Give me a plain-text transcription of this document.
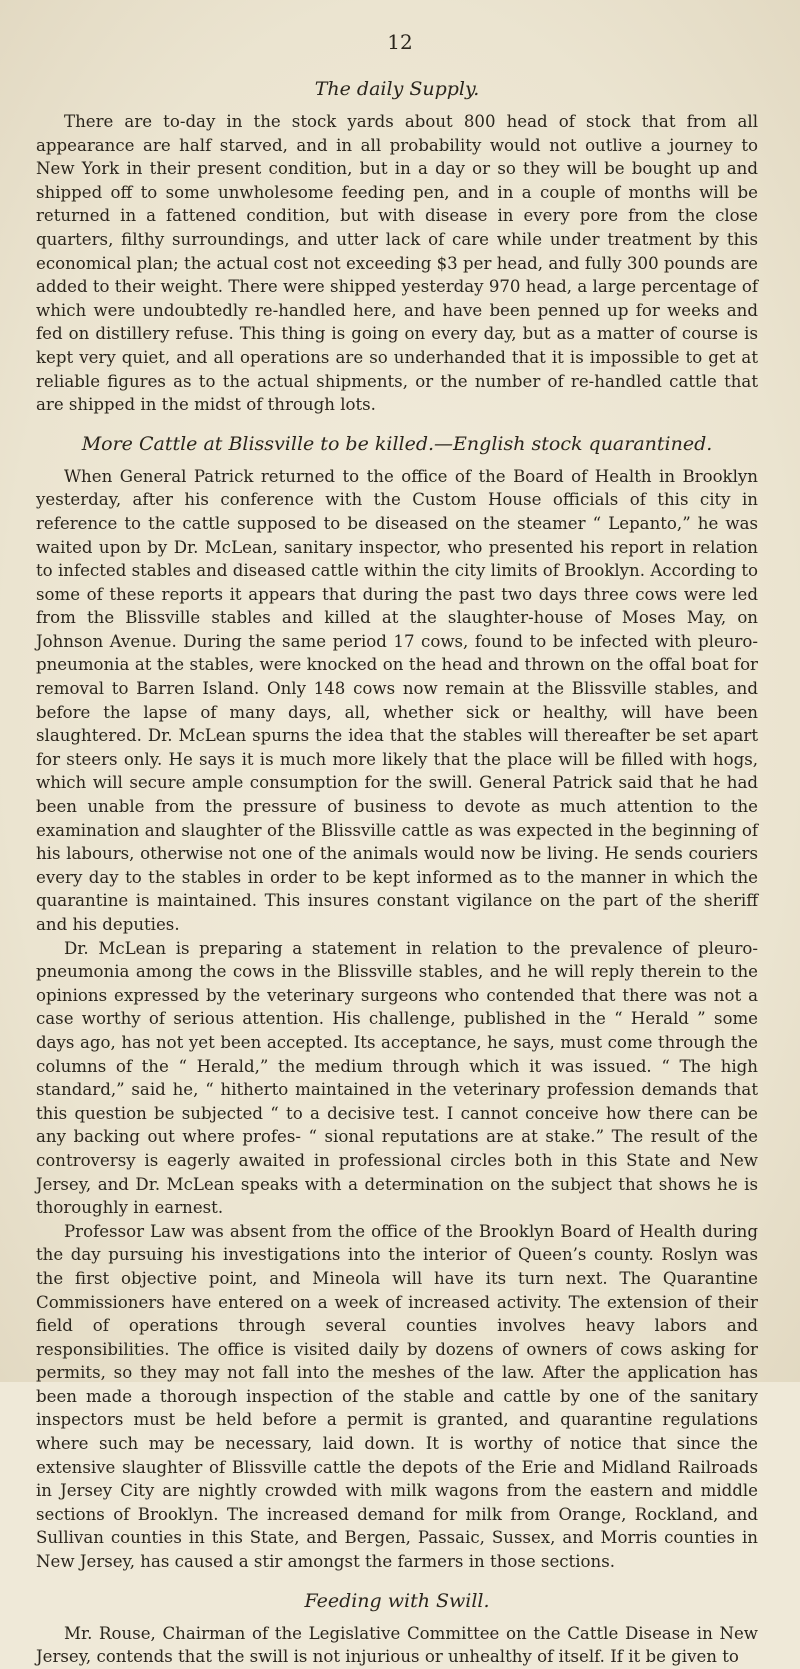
12

The daily Supply.

There are to-day in the stock yards about 800 head of stock that from all appearance are half starved, and in all probability would not outlive a journey to New York in their present condition, but in a day or so they will be bought up and shipped off to some unwholesome feeding pen, and in a couple of months will be returned in a fattened condition, but with disease in every pore from the close quarters, filthy surroundings, and utter lack of care while under treatment by this economical plan; the actual cost not exceeding $3 per head, and fully 300 pounds are added to their weight. There were shipped yesterday 970 head, a large percentage of which were undoubtedly re-handled here, and have been penned up for weeks and fed on distillery refuse. This thing is going on every day, but as a matter of course is kept very quiet, and all operations are so underhanded that it is impossible to get at reliable figures as to the actual shipments, or the number of re-handled cattle that are shipped in the midst of through lots.

More Cattle at Blissville to be killed.—English stock quarantined.

When General Patrick returned to the office of the Board of Health in Brooklyn yesterday, after his conference with the Custom House officials of this city in reference to the cattle supposed to be diseased on the steamer “ Lepanto,” he was waited upon by Dr. McLean, sanitary inspector, who presented his report in relation to infected stables and diseased cattle within the city limits of Brooklyn. According to some of these reports it appears that during the past two days three cows were led from the Blissville stables and killed at the slaughter-house of Moses May, on Johnson Avenue. During the same period 17 cows, found to be infected with pleuro-pneumonia at the stables, were knocked on the head and thrown on the offal boat for removal to Barren Island. Only 148 cows now remain at the Blissville stables, and before the lapse of many days, all, whether sick or healthy, will have been slaughtered. Dr. McLean spurns the idea that the stables will thereafter be set apart for steers only. He says it is much more likely that the place will be filled with hogs, which will secure ample consumption for the swill. General Patrick said that he had been unable from the pressure of business to devote as much attention to the examination and slaughter of the Blissville cattle as was expected in the beginning of his labours, otherwise not one of the animals would now be living. He sends couriers every day to the stables in order to be kept informed as to the manner in which the quarantine is maintained. This insures constant vigilance on the part of the sheriff and his deputies.

Dr. McLean is preparing a statement in relation to the prevalence of pleuro-pneumonia among the cows in the Blissville stables, and he will reply therein to the opinions expressed by the veterinary surgeons who contended that there was not a case worthy of serious attention. His challenge, published in the “ Herald ” some days ago, has not yet been accepted. Its acceptance, he says, must come through the columns of the “ Herald,” the medium through which it was issued. “ The high standard,” said he, “ hitherto maintained in the veterinary profession demands that this question be subjected “ to a decisive test. I cannot conceive how there can be any backing out where profes- “ sional reputations are at stake.” The result of the controversy is eagerly awaited in professional circles both in this State and New Jersey, and Dr. McLean speaks with a determination on the subject that shows he is thoroughly in earnest.

Professor Law was absent from the office of the Brooklyn Board of Health during the day pursuing his investigations into the interior of Queen’s county. Roslyn was the first objective point, and Mineola will have its turn next. The Quarantine Commissioners have entered on a week of increased activity. The extension of their field of operations through several counties involves heavy labors and responsibilities. The office is visited daily by dozens of owners of cows asking for permits, so they may not fall into the meshes of the law. After the application has been made a thorough inspection of the stable and cattle by one of the sanitary inspectors must be held before a permit is granted, and quarantine regulations where such may be necessary, laid down. It is worthy of notice that since the extensive slaughter of Blissville cattle the depots of the Erie and Midland Railroads in Jersey City are nightly crowded with milk wagons from the eastern and middle sections of Brooklyn. The increased demand for milk from Orange, Rockland, and Sullivan counties in this State, and Bergen, Passaic, Sussex, and Morris counties in New Jersey, has caused a stir amongst the farmers in those sections.

Feeding with Swill.

Mr. Rouse, Chairman of the Legislative Committee on the Cattle Disease in New Jersey, contends that the swill is not injurious or unhealthy of itself. If it be given to
